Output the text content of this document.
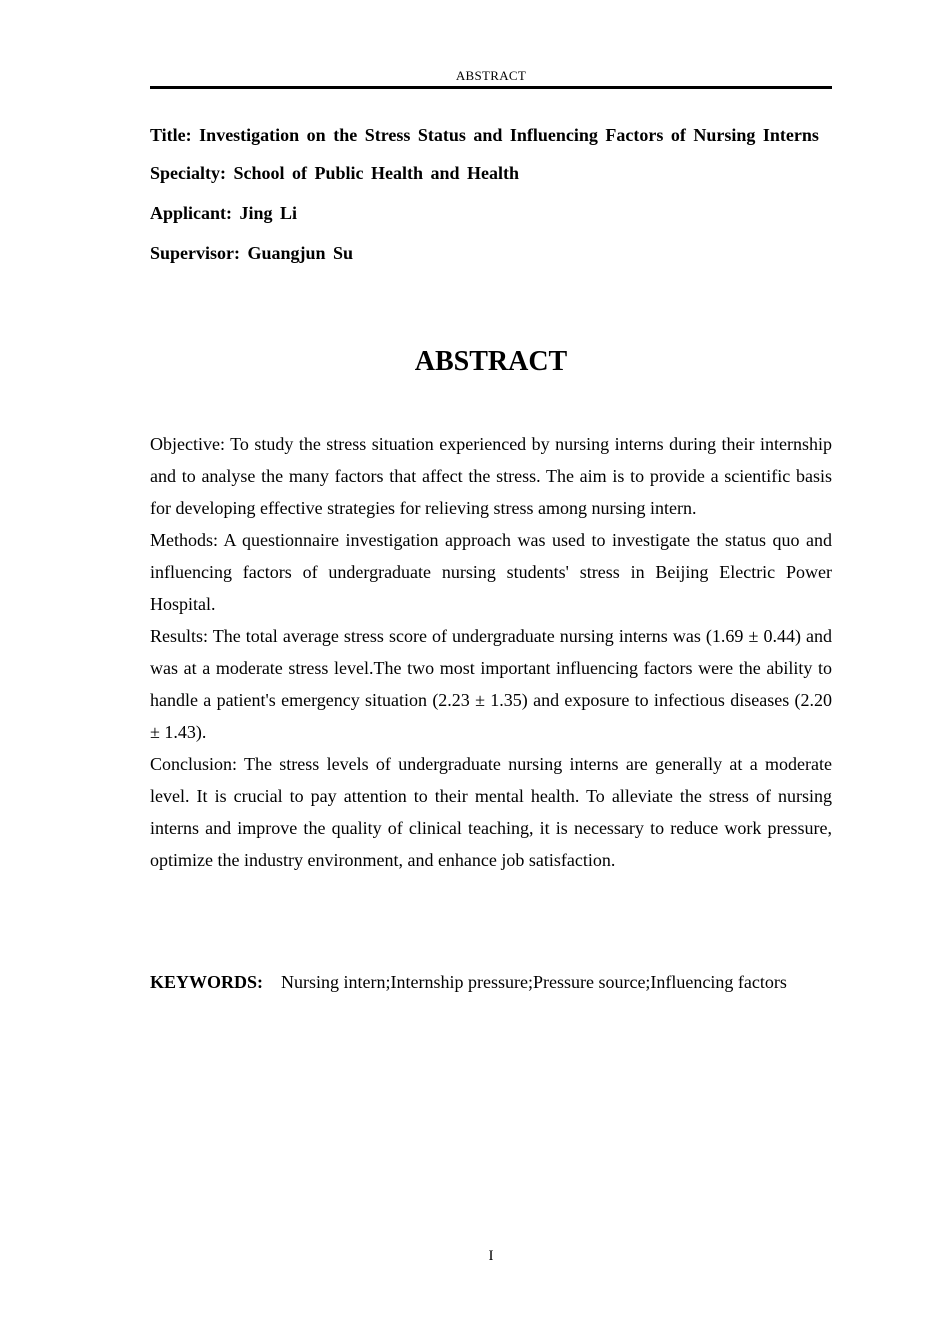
ABSTRACT

Title: Investigation on the Stress Status and Influencing Factors of Nursing Interns

Specialty: School of Public Health and Health

Applicant: Jing Li

Supervisor: Guangjun Su

ABSTRACT

Objective: To study the stress situation experienced by nursing interns during their internship and to analyse the many factors that affect the stress. The aim is to provide a scientific basis for developing effective strategies for relieving stress among nursing intern.

Methods: A questionnaire investigation approach was used to investigate the status quo and influencing factors of undergraduate nursing students' stress in Beijing Electric Power Hospital.

Results: The total average stress score of undergraduate nursing interns was (1.69 ± 0.44) and was at a moderate stress level.The two most important influencing factors were the ability to handle a patient's emergency situation (2.23 ± 1.35) and exposure to infectious diseases (2.20 ± 1.43).

Conclusion: The stress levels of undergraduate nursing interns are generally at a moderate level. It is crucial to pay attention to their mental health. To alleviate the stress of nursing interns and improve the quality of clinical teaching, it is necessary to reduce work pressure, optimize the industry environment, and enhance job satisfaction.

KEYWORDS: Nursing intern;Internship pressure;Pressure source;Influencing factors
I
